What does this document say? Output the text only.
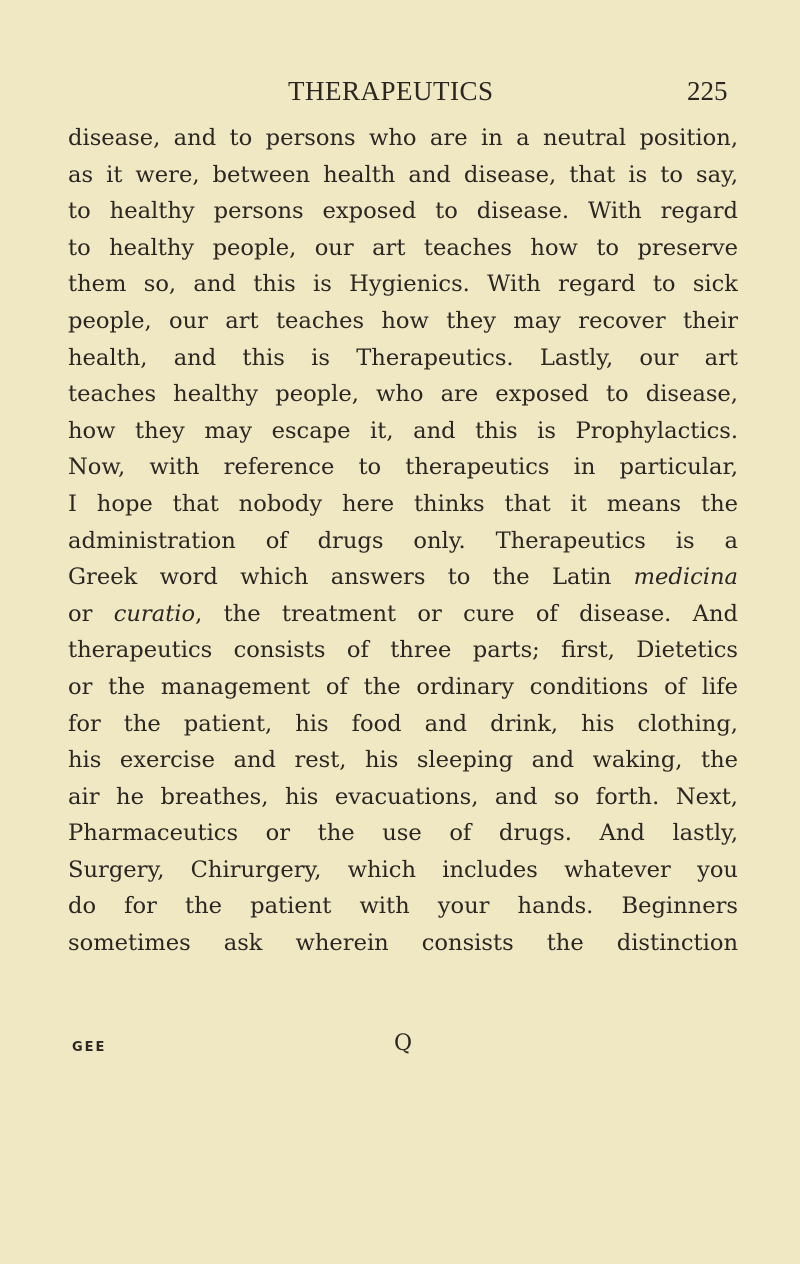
THERAPEUTICS	225
disease, and to persons who are in a neutral position,
as it were, between health and disease, that is to say,
to healthy persons exposed to disease. With regard
to healthy people, our art teaches how to preserve
them so, and this is Hygienics. With regard to sick
people, our art teaches how they may recover their
health, and this is Therapeutics. Lastly, our art
teaches healthy people, who are exposed to disease,
how they may escape it, and this is Prophylactics.
Now, with reference to therapeutics in particular,
I hope that nobody here thinks that it means the
administration of drugs only. Therapeutics is a
Greek word which answers to the Latin medicina
or curatio, the treatment or cure of disease. And
therapeutics consists of three parts; first, Dietetics
or the management of the ordinary conditions of life
for the patient, his food and drink, his clothing,
his exercise and rest, his sleeping and waking, the
air he breathes, his evacuations, and so forth. Next,
Pharmaceutics or the use of drugs. And lastly,
Surgery, Chirurgery, which includes whatever you
do for the patient with your hands. Beginners
sometimes ask wherein consists the distinction
GEE	Q
